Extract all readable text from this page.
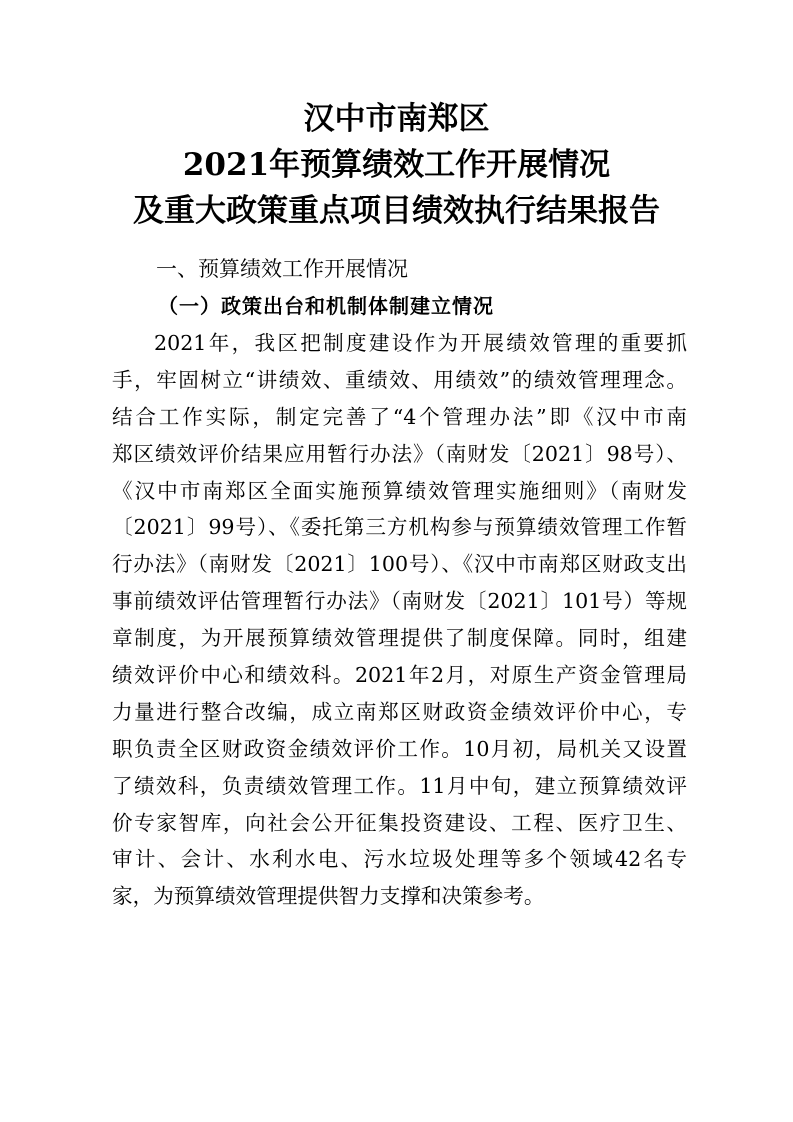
汉中市南郑区
2021年预算绩效工作开展情况
及重大政策重点项目绩效执行结果报告
一、预算绩效工作开展情况
（一）政策出台和机制体制建立情况
2021年，我区把制度建设作为开展绩效管理的重要抓
手，牢固树立“讲绩效、重绩效、用绩效”的绩效管理理念。
结合工作实际，制定完善了“4个管理办法”即《汉中市南
郑区绩效评价结果应用暂行办法》（南财发〔2021〕98号）、
《汉中市南郑区全面实施预算绩效管理实施细则》（南财发
〔2021〕99号）、《委托第三方机构参与预算绩效管理工作暂
行办法》（南财发〔2021〕100号）、《汉中市南郑区财政支出
事前绩效评估管理暂行办法》（南财发〔2021〕101号）等规
章制度，为开展预算绩效管理提供了制度保障。同时，组建
绩效评价中心和绩效科。2021年2月，对原生产资金管理局
力量进行整合改编，成立南郑区财政资金绩效评价中心，专
职负责全区财政资金绩效评价工作。10月初，局机关又设置
了绩效科，负责绩效管理工作。11月中旬，建立预算绩效评
价专家智库，向社会公开征集投资建设、工程、医疗卫生、
审计、会计、水利水电、污水垃圾处理等多个领域42名专
家，为预算绩效管理提供智力支撑和决策参考。
